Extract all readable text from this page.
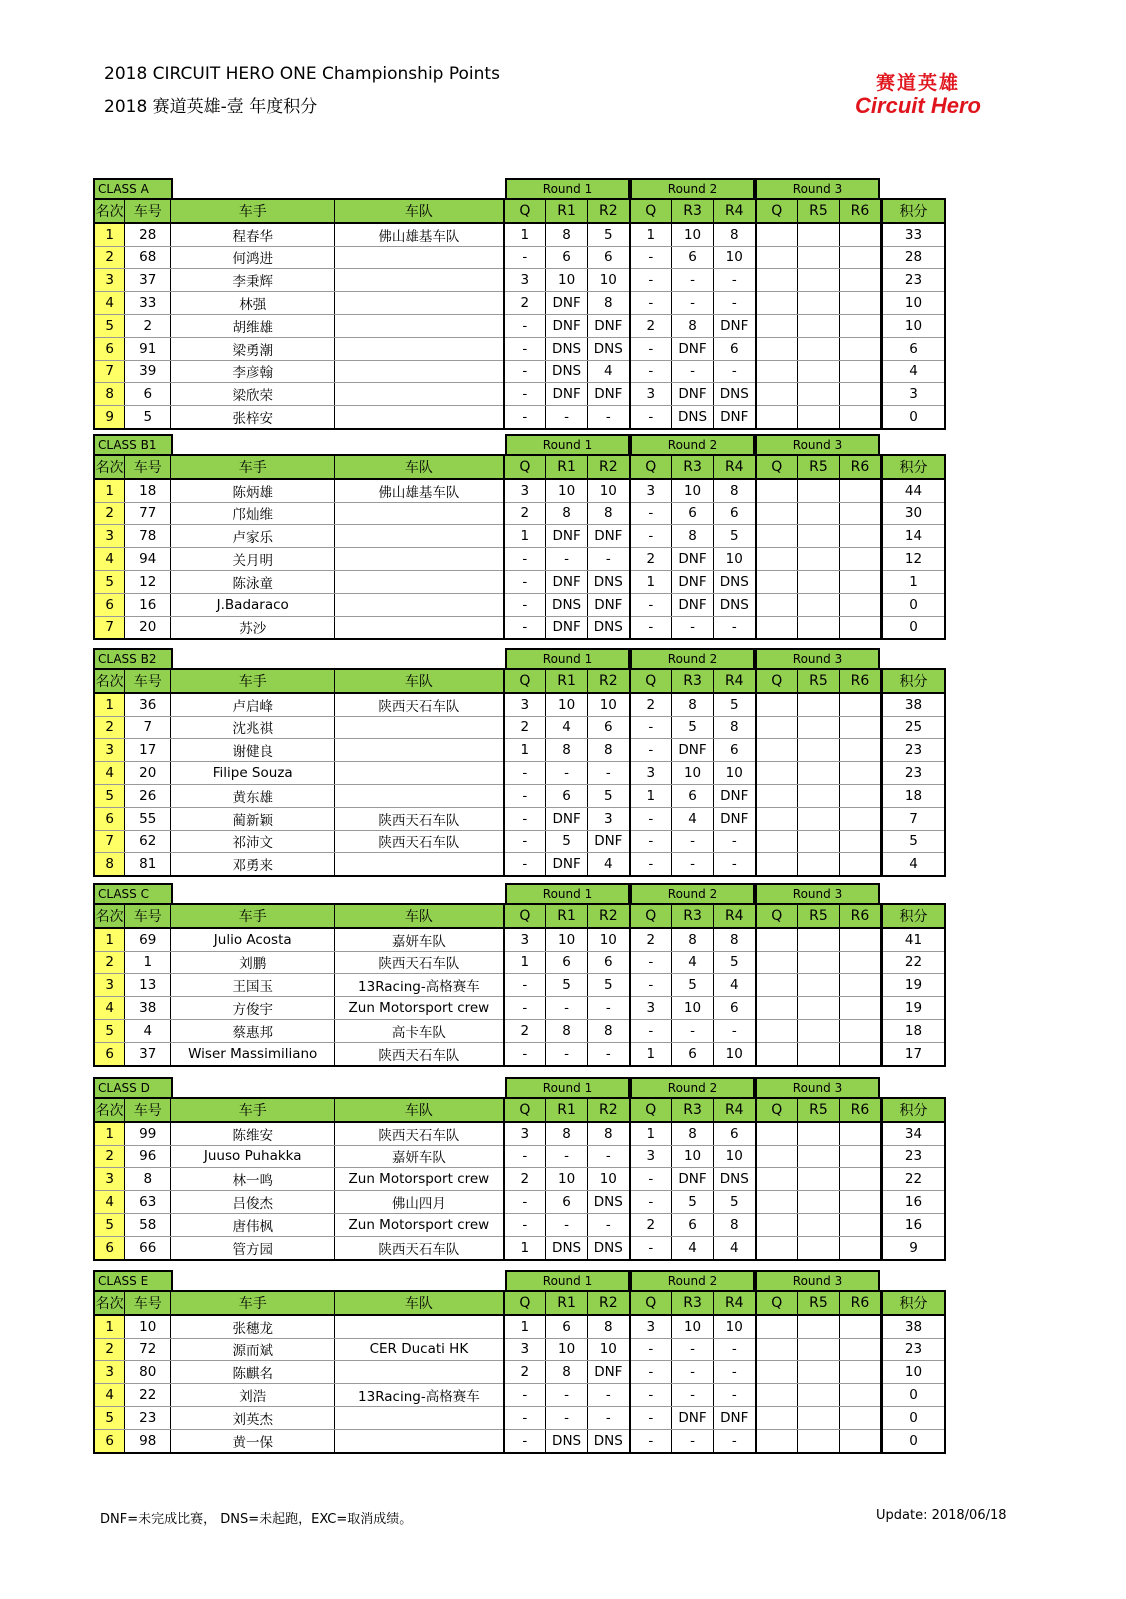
2018 CIRCUIT HERO ONE Championship Points
2018 赛道英雄-壹 年度积分
赛道英雄
Circuit Hero
CLASS A	Round 1	Round 2	Round 3
名次	车号	车手	车队	Q	R1	R2	Q	R3	R4	Q	R5	R6	积分
1	28	程春华	佛山雄基车队	1	8	5	1	10	8				33
2	68	何鸿进		-	6	6	-	6	10				28
3	37	李秉辉		3	10	10	-	-	-				23
4	33	林强		2	DNF	8	-	-	-				10
5	2	胡维雄		-	DNF	DNF	2	8	DNF				10
6	91	梁勇潮		-	DNS	DNS	-	DNF	6				6
7	39	李彦翰		-	DNS	4	-	-	-				4
8	6	梁欣荣		-	DNF	DNF	3	DNF	DNS				3
9	5	张梓安		-	-	-	-	DNS	DNF				0
CLASS B1	Round 1	Round 2	Round 3
名次	车号	车手	车队	Q	R1	R2	Q	R3	R4	Q	R5	R6	积分
1	18	陈炳雄	佛山雄基车队	3	10	10	3	10	8				44
2	77	邝灿维		2	8	8	-	6	6				30
3	78	卢家乐		1	DNF	DNF	-	8	5				14
4	94	关月明		-	-	-	2	DNF	10				12
5	12	陈泳童		-	DNF	DNS	1	DNF	DNS				1
6	16	J.Badaraco		-	DNS	DNF	-	DNF	DNS				0
7	20	苏沙		-	DNF	DNS	-	-	-				0
CLASS B2	Round 1	Round 2	Round 3
名次	车号	车手	车队	Q	R1	R2	Q	R3	R4	Q	R5	R6	积分
1	36	卢启峰	陕西天石车队	3	10	10	2	8	5				38
2	7	沈兆祺		2	4	6	-	5	8				25
3	17	谢健良		1	8	8	-	DNF	6				23
4	20	Filipe Souza		-	-	-	3	10	10				23
5	26	黄东雄		-	6	5	1	6	DNF				18
6	55	蔺新颖	陕西天石车队	-	DNF	3	-	4	DNF				7
7	62	祁沛文	陕西天石车队	-	5	DNF	-	-	-				5
8	81	邓勇来		-	DNF	4	-	-	-				4
CLASS C	Round 1	Round 2	Round 3
名次	车号	车手	车队	Q	R1	R2	Q	R3	R4	Q	R5	R6	积分
1	69	Julio Acosta	嘉妍车队	3	10	10	2	8	8				41
2	1	刘鹏	陕西天石车队	1	6	6	-	4	5				22
3	13	王国玉	13Racing-高格赛车	-	5	5	-	5	4				19
4	38	方俊宇	Zun Motorsport crew	-	-	-	3	10	6				19
5	4	蔡惠邦	高卡车队	2	8	8	-	-	-				18
6	37	Wiser Massimiliano	陕西天石车队	-	-	-	1	6	10				17
CLASS D	Round 1	Round 2	Round 3
名次	车号	车手	车队	Q	R1	R2	Q	R3	R4	Q	R5	R6	积分
1	99	陈维安	陕西天石车队	3	8	8	1	8	6				34
2	96	Juuso Puhakka	嘉妍车队	-	-	-	3	10	10				23
3	8	林一鸣	Zun Motorsport crew	2	10	10	-	DNF	DNS				22
4	63	吕俊杰	佛山四月	-	6	DNS	-	5	5				16
5	58	唐伟枫	Zun Motorsport crew	-	-	-	2	6	8				16
6	66	管方园	陕西天石车队	1	DNS	DNS	-	4	4				9
CLASS E	Round 1	Round 2	Round 3
名次	车号	车手	车队	Q	R1	R2	Q	R3	R4	Q	R5	R6	积分
1	10	张穗龙		1	6	8	3	10	10				38
2	72	源而斌	CER Ducati HK	3	10	10	-	-	-				23
3	80	陈麒名		2	8	DNF	-	-	-				10
4	22	刘浩	13Racing-高格赛车	-	-	-	-	-	-				0
5	23	刘英杰		-	-	-	-	DNF	DNF				0
6	98	黄一保		-	DNS	DNS	-	-	-				0
DNF=未完成比赛， DNS=未起跑，EXC=取消成绩。	Update: 2018/06/18
